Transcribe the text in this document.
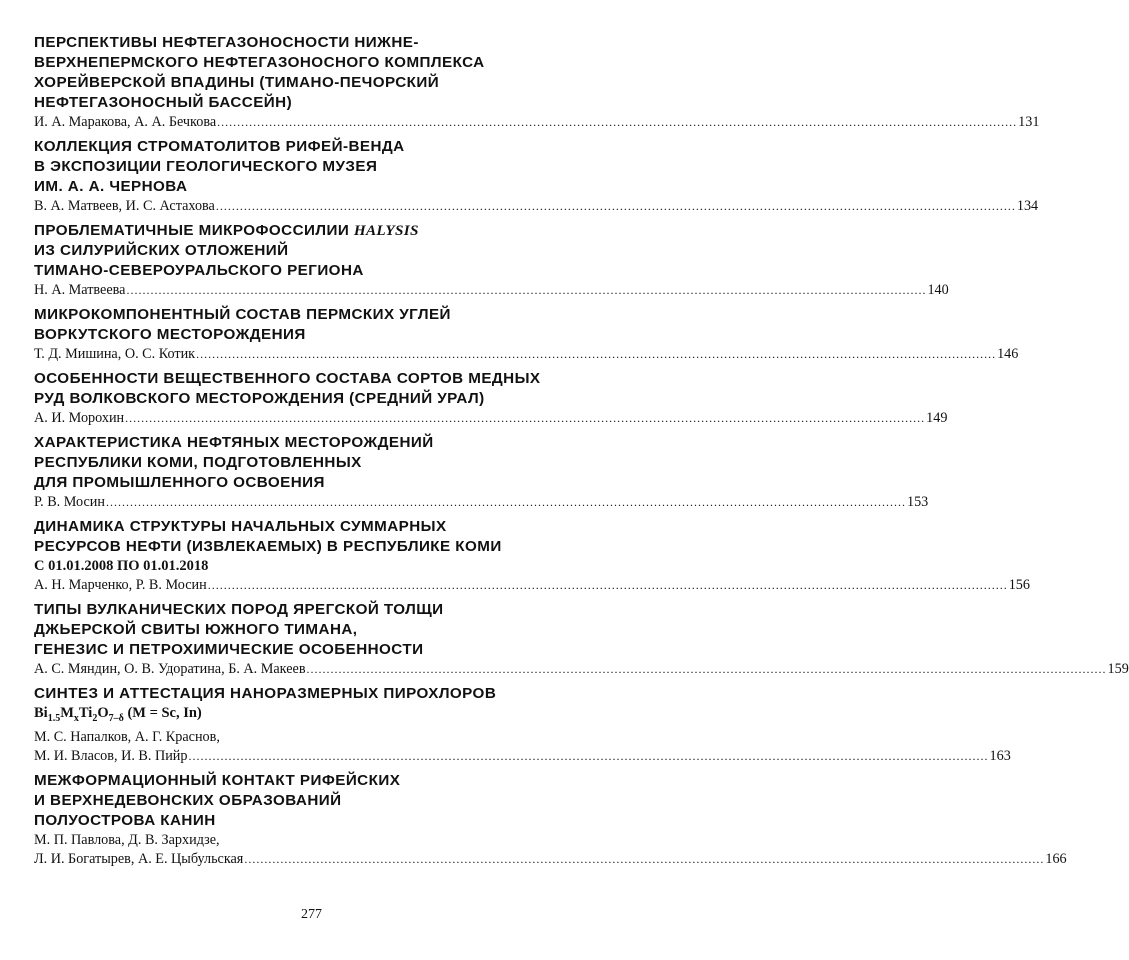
ПЕРСПЕКТИВЫ НЕФТЕГАЗОНОСНОСТИ НИЖНЕ-
ВЕРХНЕПЕРМСКОГО НЕФТЕГАЗОНОСНОГО КОМПЛЕКСА
ХОРЕЙВЕРСКОЙ ВПАДИНЫ (ТИМАНО-ПЕЧОРСКИЙ
НЕФТЕГАЗОНОСНЫЙ БАССЕЙН)
И. А. Маракова, А. А. Бечкова ........................................................................................................................................................................................................ 131
КОЛЛЕКЦИЯ СТРОМАТОЛИТОВ РИФЕЙ-ВЕНДА
В ЭКСПОЗИЦИИ ГЕОЛОГИЧЕСКОГО МУЗЕЯ
ИМ. А. А. ЧЕРНОВА
В. А. Матвеев, И. С. Астахова ........................................................................................................................................................................................................ 134
ПРОБЛЕМАТИЧНЫЕ МИКРОФОССИЛИИ HALYSIS
ИЗ СИЛУРИЙСКИХ ОТЛОЖЕНИЙ
ТИМАНО-СЕВЕРОУРАЛЬСКОГО РЕГИОНА
Н. А. Матвеева ........................................................................................................................................................................................................ 140
МИКРОКОМПОНЕНТНЫЙ СОСТАВ ПЕРМСКИХ УГЛЕЙ
ВОРКУТСКОГО МЕСТОРОЖДЕНИЯ
Т. Д. Мишина, О. С. Котик ........................................................................................................................................................................................................ 146
ОСОБЕННОСТИ ВЕЩЕСТВЕННОГО СОСТАВА СОРТОВ МЕДНЫХ
РУД ВОЛКОВСКОГО МЕСТОРОЖДЕНИЯ (СРЕДНИЙ УРАЛ)
А. И. Морохин ........................................................................................................................................................................................................ 149
ХАРАКТЕРИСТИКА НЕФТЯНЫХ МЕСТОРОЖДЕНИЙ
РЕСПУБЛИКИ КОМИ, ПОДГОТОВЛЕННЫХ
ДЛЯ ПРОМЫШЛЕННОГО ОСВОЕНИЯ
Р. В. Мосин ........................................................................................................................................................................................................ 153
ДИНАМИКА СТРУКТУРЫ НАЧАЛЬНЫХ СУММАРНЫХ
РЕСУРСОВ НЕФТИ (ИЗВЛЕКАЕМЫХ) В РЕСПУБЛИКЕ КОМИ
С 01.01.2008 ПО 01.01.2018
А. Н. Марченко, Р. В. Мосин ........................................................................................................................................................................................................ 156
ТИПЫ ВУЛКАНИЧЕСКИХ ПОРОД ЯРЕГСКОЙ ТОЛЩИ
ДЖЬЕРСКОЙ СВИТЫ ЮЖНОГО ТИМАНА,
ГЕНЕЗИС И ПЕТРОХИМИЧЕСКИЕ ОСОБЕННОСТИ
А. С. Мяндин, О. В. Удоратина, Б. А. Макеев ........................................................................................................................................................................................................ 159
СИНТЕЗ И АТТЕСТАЦИЯ НАНОРАЗМЕРНЫХ ПИРОХЛОРОВ
$Bi_{1.5}M_xTi_2O_{7-\delta}$ (M = Sc, In)
М. С. Напалков, А. Г. Краснов,
М. И. Власов, И. В. Пийр ........................................................................................................................................................................................................ 163
МЕЖФОРМАЦИОННЫЙ КОНТАКТ РИФЕЙСКИХ
И ВЕРХНЕДЕВОНСКИХ ОБРАЗОВАНИЙ
ПОЛУОСТРОВА КАНИН
М. П. Павлова, Д. В. Зархидзе,
Л. И. Богатырев, А. Е. Цыбульская ........................................................................................................................................................................................................ 166
277
